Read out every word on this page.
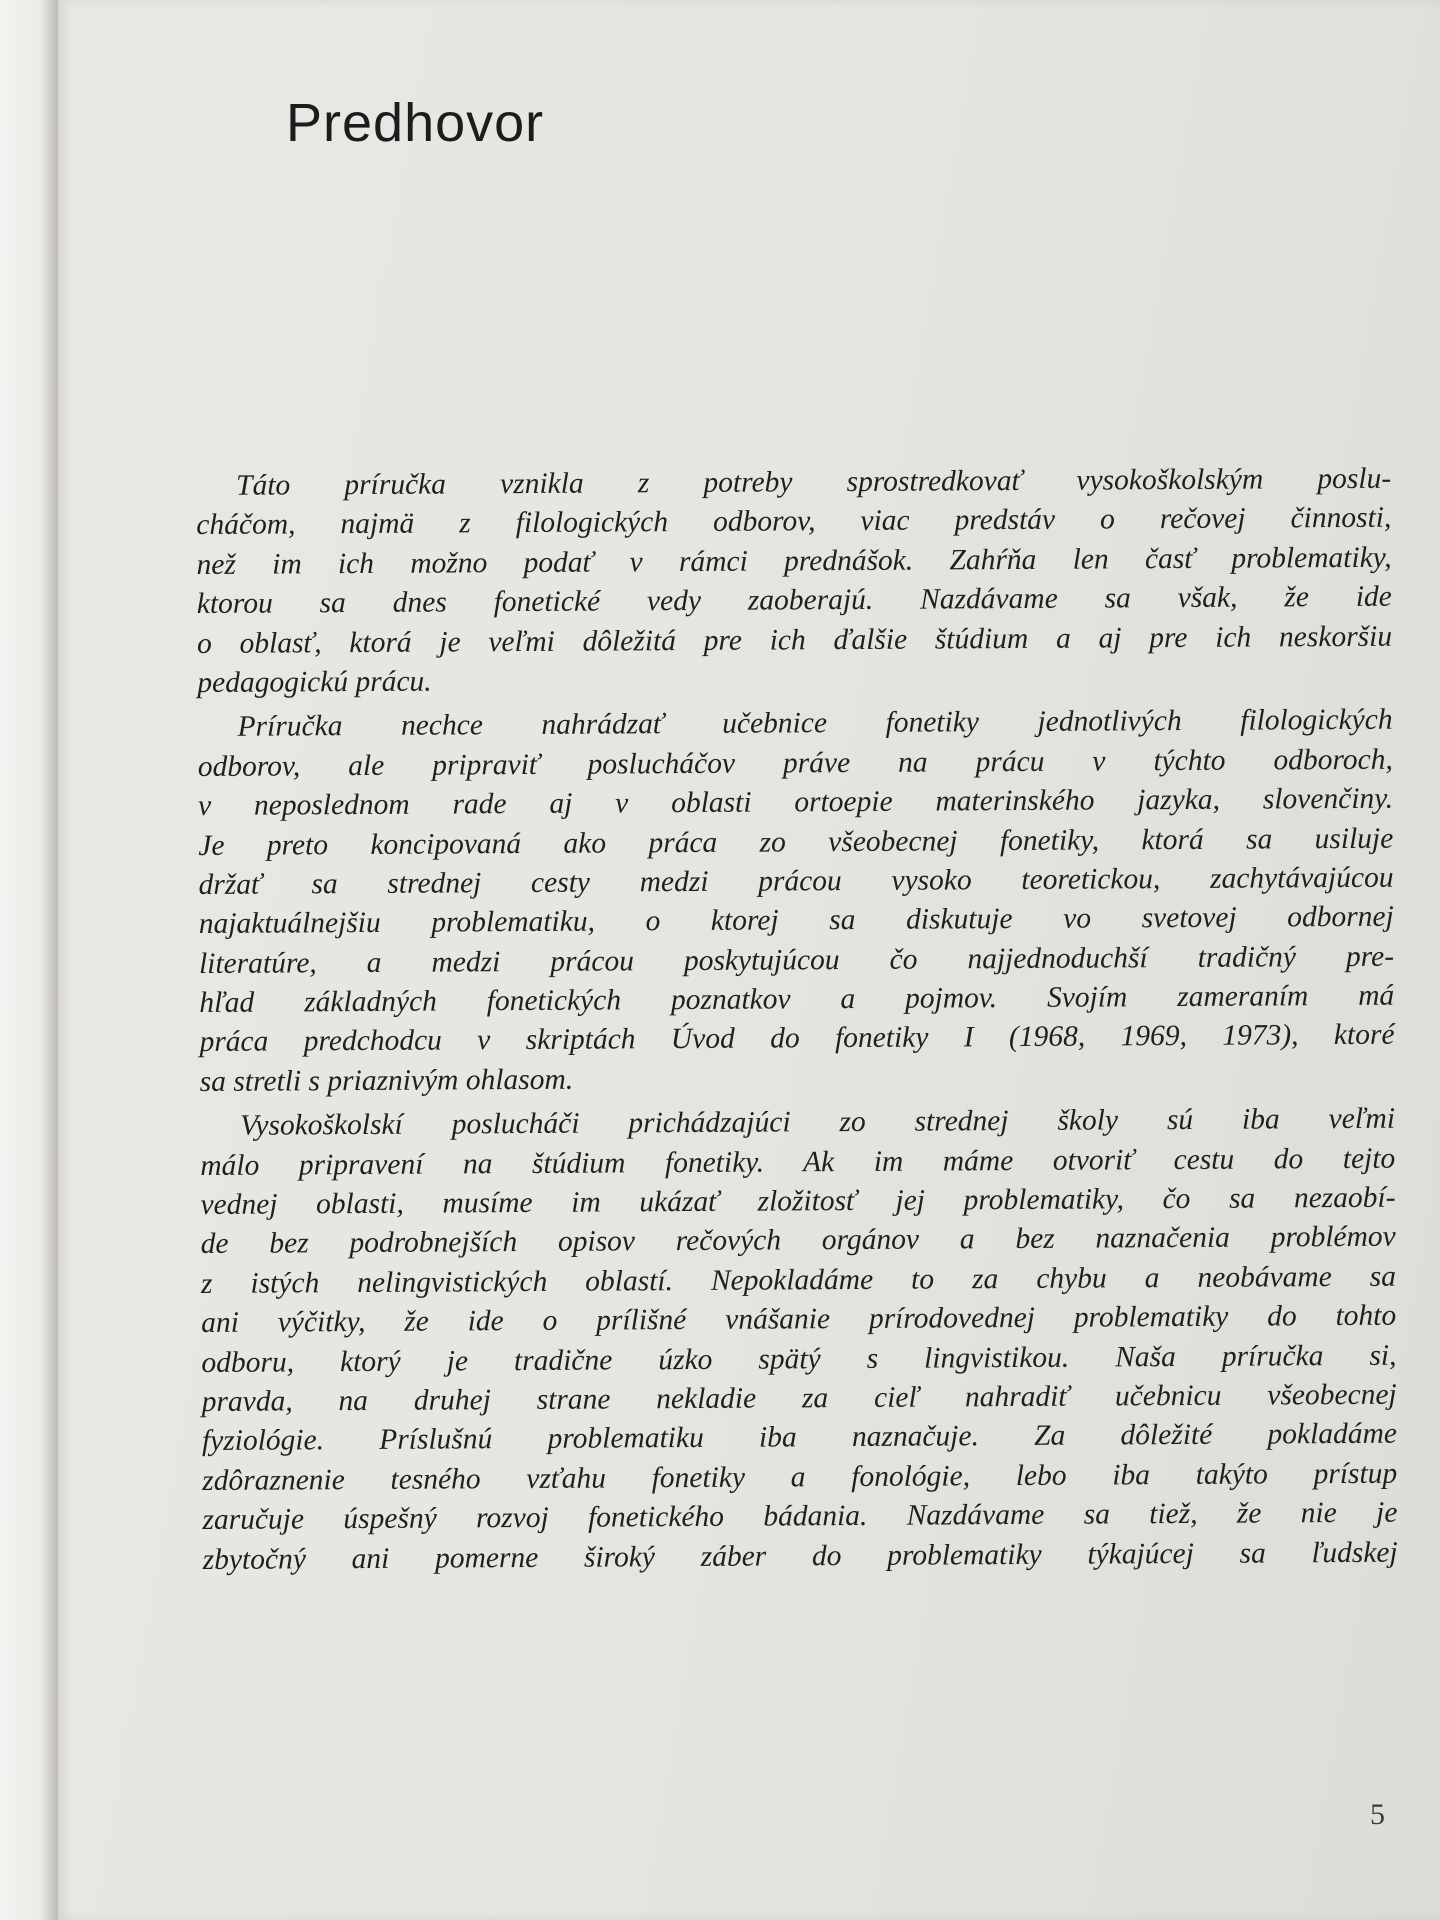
Predhovor
Táto príručka vznikla z potreby sprostredkovať vysokoškolským poslu-
cháčom, najmä z filologických odborov, viac predstáv o rečovej činnosti,
než im ich možno podať v rámci prednášok. Zahŕňa len časť problematiky,
ktorou sa dnes fonetické vedy zaoberajú. Nazdávame sa však, že ide
o oblasť, ktorá je veľmi dôležitá pre ich ďalšie štúdium a aj pre ich neskoršiu
pedagogickú prácu.
Príručka nechce nahrádzať učebnice fonetiky jednotlivých filologických
odborov, ale pripraviť poslucháčov práve na prácu v týchto odboroch,
v neposlednom rade aj v oblasti ortoepie materinského jazyka, slovenčiny.
Je preto koncipovaná ako práca zo všeobecnej fonetiky, ktorá sa usiluje
držať sa strednej cesty medzi prácou vysoko teoretickou, zachytávajúcou
najaktuálnejšiu problematiku, o ktorej sa diskutuje vo svetovej odbornej
literatúre, a medzi prácou poskytujúcou čo najjednoduchší tradičný pre-
hľad základných fonetických poznatkov a pojmov. Svojím zameraním má
práca predchodcu v skriptách Úvod do fonetiky I (1968, 1969, 1973), ktoré
sa stretli s priaznivým ohlasom.
Vysokoškolskí poslucháči prichádzajúci zo strednej školy sú iba veľmi
málo pripravení na štúdium fonetiky. Ak im máme otvoriť cestu do tejto
vednej oblasti, musíme im ukázať zložitosť jej problematiky, čo sa nezaobí-
de bez podrobnejších opisov rečových orgánov a bez naznačenia problémov
z istých nelingvistických oblastí. Nepokladáme to za chybu a neobávame sa
ani výčitky, že ide o prílišné vnášanie prírodovednej problematiky do tohto
odboru, ktorý je tradične úzko spätý s lingvistikou. Naša príručka si,
pravda, na druhej strane nekladie za cieľ nahradiť učebnicu všeobecnej
fyziológie. Príslušnú problematiku iba naznačuje. Za dôležité pokladáme
zdôraznenie tesného vzťahu fonetiky a fonológie, lebo iba takýto prístup
zaručuje úspešný rozvoj fonetického bádania. Nazdávame sa tiež, že nie je
zbytočný ani pomerne široký záber do problematiky týkajúcej sa ľudskej
5
